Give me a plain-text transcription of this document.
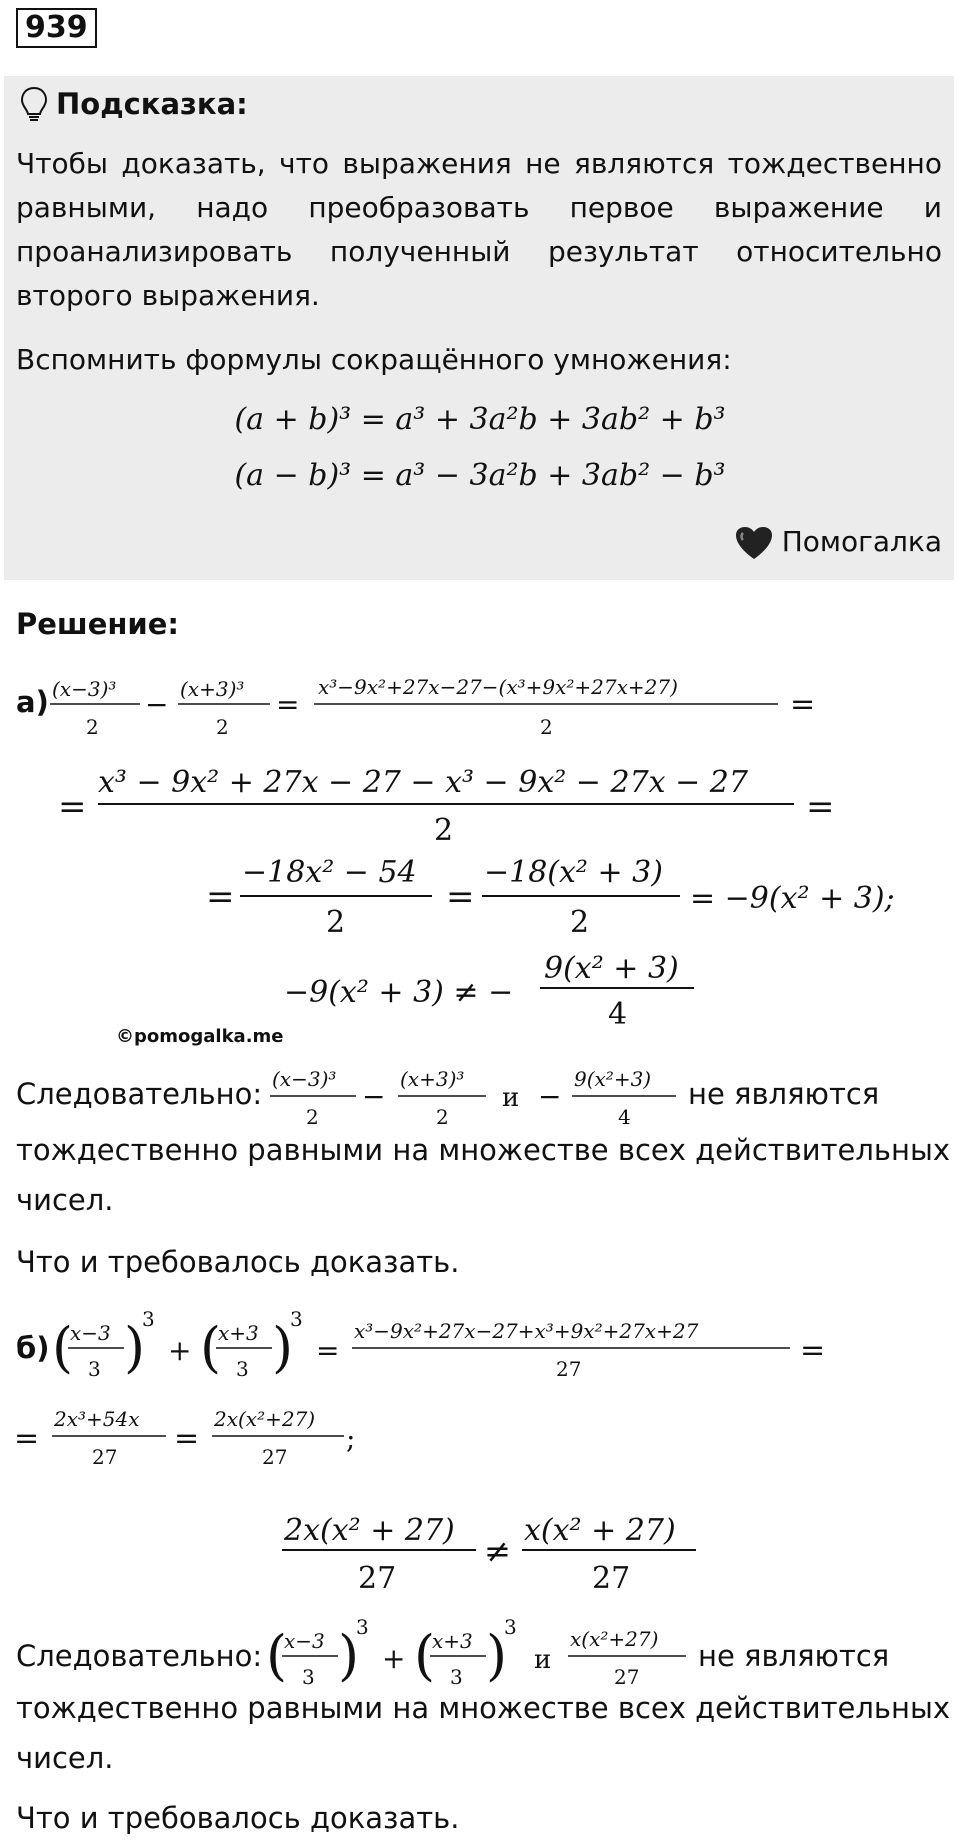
939
Подсказка:
Чтобы доказать, что выражения не являются тождественно равными, надо преобразовать первое выражение и проанализировать полученный результат относительно второго выражения.
Вспомнить формулы сокращённого умножения:
(a + b)³ = a³ + 3a²b + 3ab² + b³
(a − b)³ = a³ − 3a²b + 3ab² − b³
Помогалка
Решение:
а) (x−3)³
2
− (x+3)³
2
=
x³−9x²+27x−27−(x³+9x²+27x+27)
2
=
=
x³ − 9x² + 27x − 27 − x³ − 9x² − 27x − 27
2
=
=
−18x² − 54
2
=
−18(x² + 3)
2
= −9(x² + 3);
−9(x² + 3) ≠ −
9(x² + 3)
4
©pomogalka.me
Следовательно: (x−3)³
2
−
(x+3)³
2
и −
9(x²+3)
4
не являются
тождественно равными на множестве всех действительных
чисел.
Что и требовалось доказать.
б) (
x−3
3 )
3
+ (
x+3
3 )
3
=
x³−9x²+27x−27+x³+9x²+27x+27
27
=
=
2x³+54x
27
=
2x(x²+27)
27
;
2x(x² + 27)
27
≠
x(x² + 27)
27
Следовательно: (
x−3
3 )
3
+ (
x+3
3 )
3
и
x(x²+27)
27
не являются
тождественно равными на множестве всех действительных
чисел.
Что и требовалось доказать.
